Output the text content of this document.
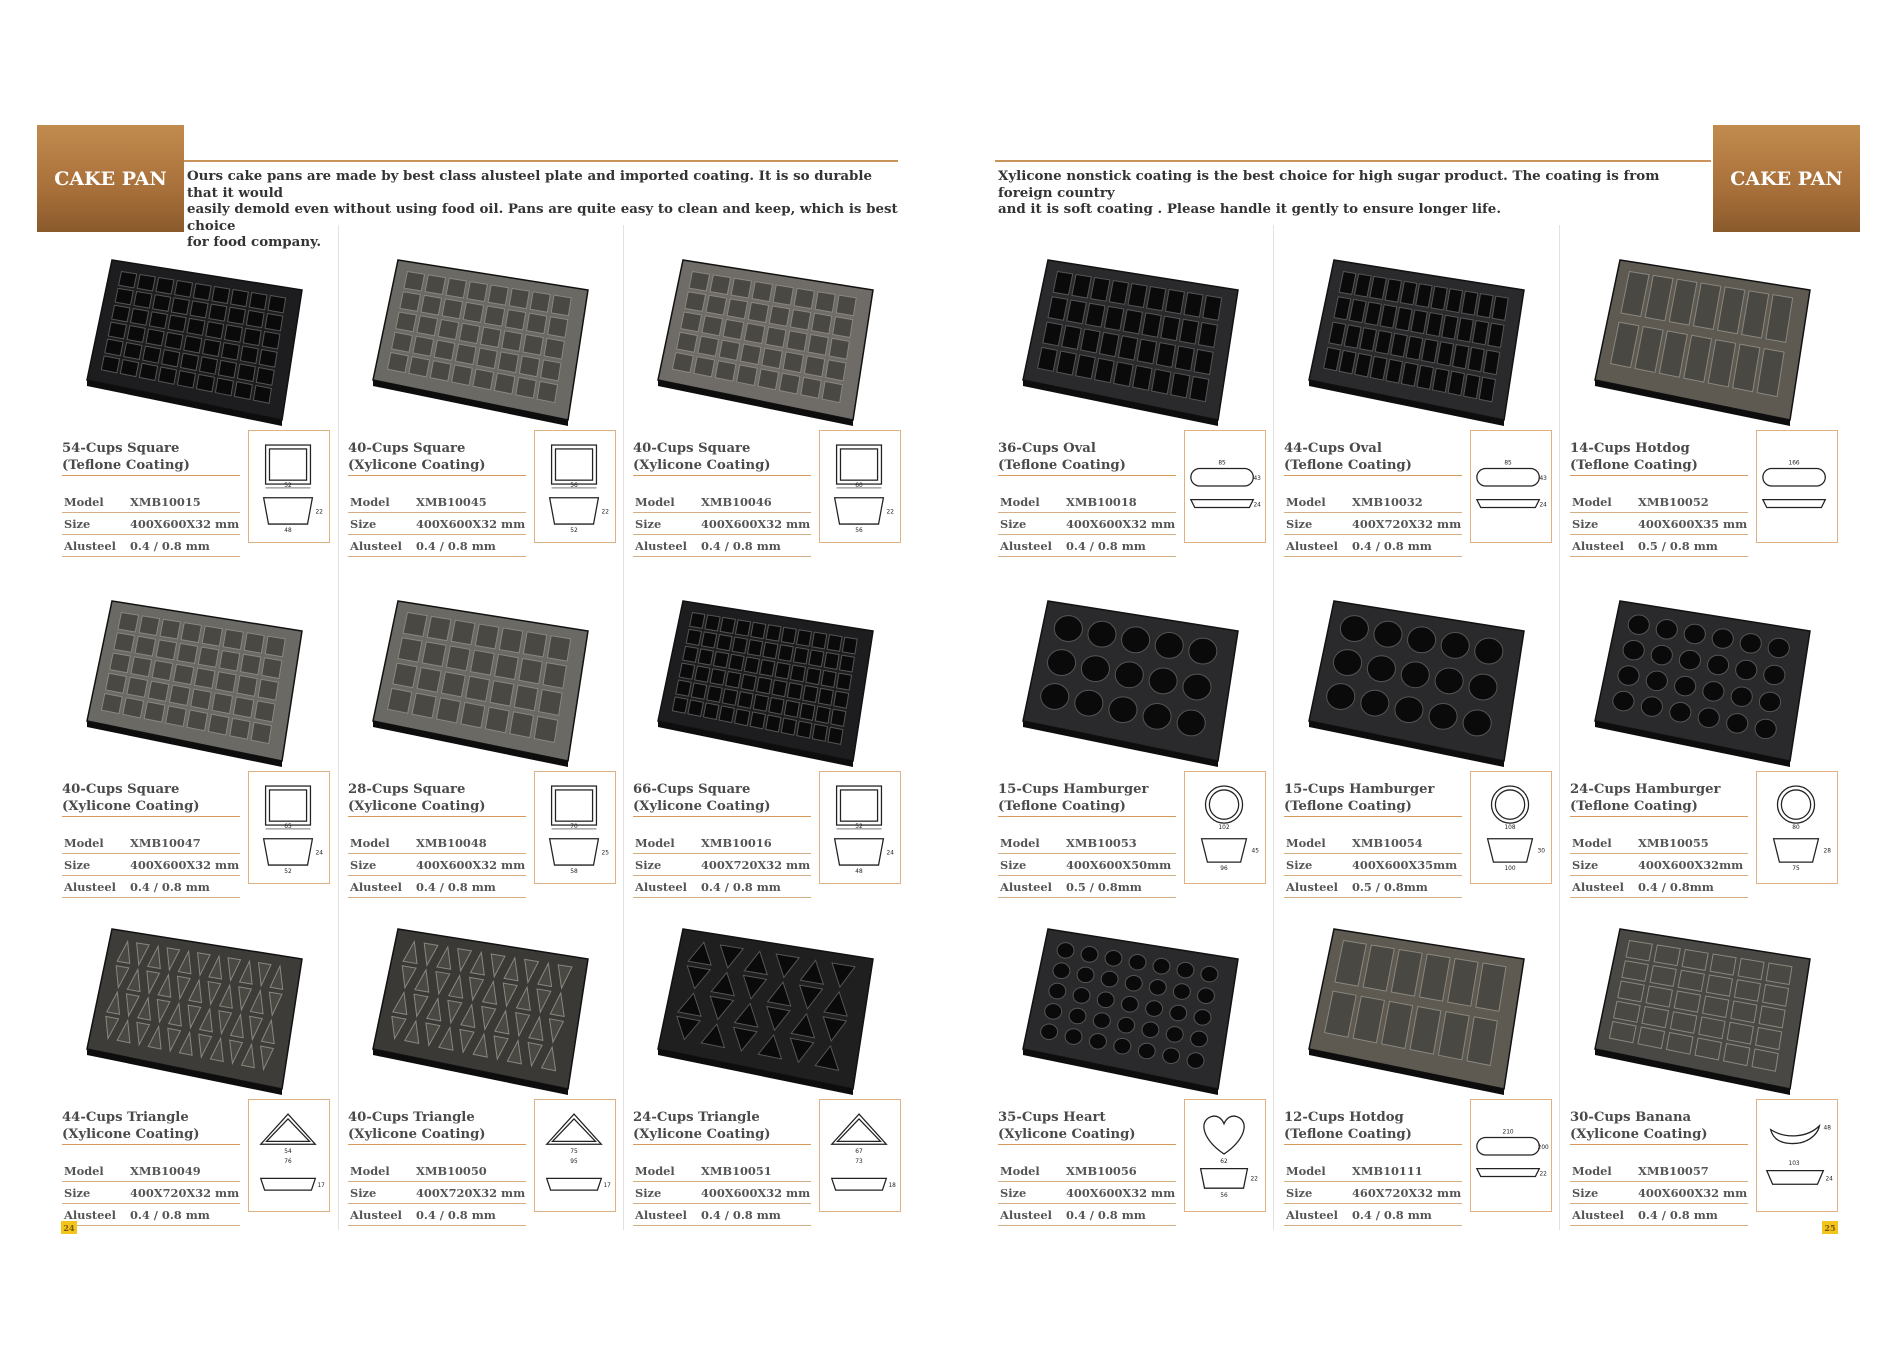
CAKE PAN Ours cake pans are made by best class alusteel plate and imported coating. It is so durable that it would
easily demold even without using food oil. Pans are quite easy to clean and keep, which is best choice
for food company.
CAKE PAN
Xylicone nonstick coating is the best choice for high sugar product. The coating is from foreign country
and it is soft coating . Please handle it gently to ensure longer life.
54-Cups Square
(Teflone Coating)
Model	XMB10015
Size	400X600X32 mm
Alusteel	0.4 / 0.8 mm
52
48
22
40-Cups Square
(Xylicone Coating)
Model	XMB10045
Size	400X600X32 mm
Alusteel	0.4 / 0.8 mm
56
52
22
40-Cups Square
(Xylicone Coating)
Model	XMB10046
Size	400X600X32 mm
Alusteel	0.4 / 0.8 mm
60
56
22
36-Cups Oval
(Teflone Coating)
Model	XMB10018
Size	400X600X32 mm
Alusteel	0.4 / 0.8 mm
85
43
24
44-Cups Oval
(Teflone Coating)
Model	XMB10032
Size	400X720X32 mm
Alusteel	0.4 / 0.8 mm
85
43
24
14-Cups Hotdog
(Teflone Coating)
Model	XMB10052
Size	400X600X35 mm
Alusteel	0.5 / 0.8 mm
166
40-Cups Square
(Xylicone Coating)
Model	XMB10047
Size	400X600X32 mm
Alusteel	0.4 / 0.8 mm
65
52
24
28-Cups Square
(Xylicone Coating)
Model	XMB10048
Size	400X600X32 mm
Alusteel	0.4 / 0.8 mm
70
58
25
66-Cups Square
(Xylicone Coating)
Model	XMB10016
Size	400X720X32 mm
Alusteel	0.4 / 0.8 mm
52
48
24
15-Cups Hamburger
(Teflone Coating)
Model	XMB10053
Size	400X600X50mm
Alusteel	0.5 / 0.8mm
102
96
45
15-Cups Hamburger
(Teflone Coating)
Model	XMB10054
Size	400X600X35mm
Alusteel	0.5 / 0.8mm
108
100
30
24-Cups Hamburger
(Teflone Coating)
Model	XMB10055
Size	400X600X32mm
Alusteel	0.4 / 0.8mm
80
75
28
44-Cups Triangle
(Xylicone Coating)
Model	XMB10049
Size	400X720X32 mm
Alusteel	0.4 / 0.8 mm
54
76
17
40-Cups Triangle
(Xylicone Coating)
Model	XMB10050
Size	400X720X32 mm
Alusteel	0.4 / 0.8 mm
75
95
17
24-Cups Triangle
(Xylicone Coating)
Model	XMB10051
Size	400X600X32 mm
Alusteel	0.4 / 0.8 mm
67
73
18
35-Cups Heart
(Xylicone Coating)
Model	XMB10056
Size	400X600X32 mm
Alusteel	0.4 / 0.8 mm
62
56
22
12-Cups Hotdog
(Teflone Coating)
Model	XMB10111
Size	460X720X32 mm
Alusteel	0.4 / 0.8 mm
210
200
22
30-Cups Banana
(Xylicone Coating)
Model	XMB10057
Size	400X600X32 mm
Alusteel	0.4 / 0.8 mm
48
103
24
24	25
